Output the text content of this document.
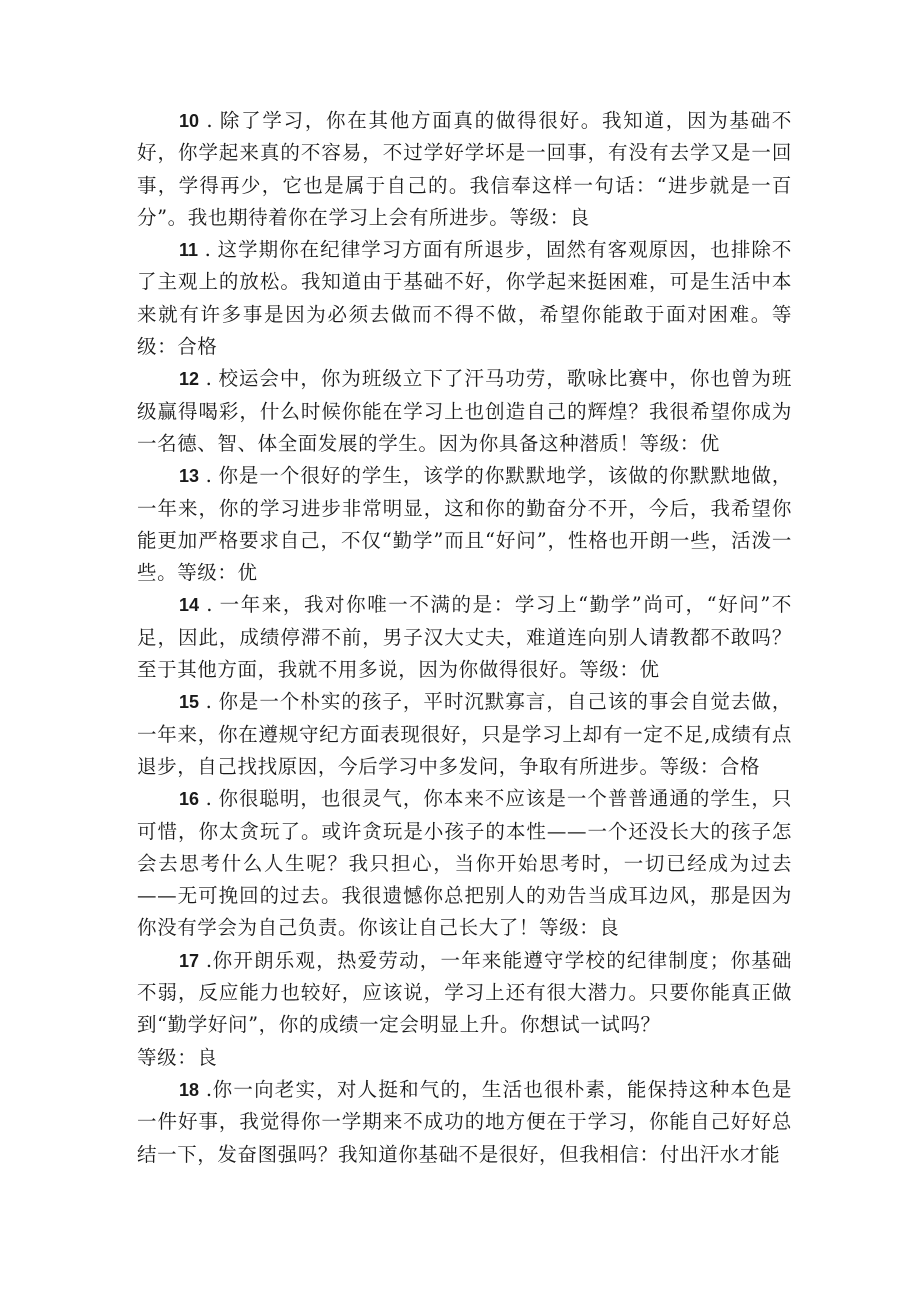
10 . 除了学习，你在其他方面真的做得很好。我知道，因为基础不好，你学起来真的不容易，不过学好学坏是一回事，有没有去学又是一回事，学得再少，它也是属于自己的。我信奉这样一句话：“进步就是一百分”。我也期待着你在学习上会有所进步。等级：良

11 . 这学期你在纪律学习方面有所退步，固然有客观原因，也排除不了主观上的放松。我知道由于基础不好，你学起来挺困难，可是生活中本来就有许多事是因为必须去做而不得不做，希望你能敢于面对困难。等级：合格

12 . 校运会中，你为班级立下了汗马功劳，歌咏比赛中，你也曾为班级赢得喝彩，什么时候你能在学习上也创造自己的辉煌？我很希望你成为一名德、智、体全面发展的学生。因为你具备这种潜质！等级：优

13 . 你是一个很好的学生，该学的你默默地学，该做的你默默地做，一年来，你的学习进步非常明显，这和你的勤奋分不开，今后，我希望你能更加严格要求自己，不仅“勤学”而且“好问”，性格也开朗一些，活泼一些。等级：优

14 . 一年来，我对你唯一不满的是：学习上“勤学”尚可，“好问”不足，因此，成绩停滞不前，男子汉大丈夫，难道连向别人请教都不敢吗？至于其他方面，我就不用多说，因为你做得很好。等级：优

15 . 你是一个朴实的孩子，平时沉默寡言，自己该的事会自觉去做，一年来，你在遵规守纪方面表现很好，只是学习上却有一定不足,成绩有点退步，自己找找原因，今后学习中多发问，争取有所进步。等级：合格

16 . 你很聪明，也很灵气，你本来不应该是一个普普通通的学生，只可惜，你太贪玩了。或许贪玩是小孩子的本性——一个还没长大的孩子怎会去思考什么人生呢？我只担心，当你开始思考时，一切已经成为过去——无可挽回的过去。我很遗憾你总把别人的劝告当成耳边风，那是因为你没有学会为自己负责。你该让自己长大了！等级：良

17 .你开朗乐观，热爱劳动，一年来能遵守学校的纪律制度；你基础不弱，反应能力也较好，应该说，学习上还有很大潜力。只要你能真正做到“勤学好问”，你的成绩一定会明显上升。你想试一试吗？
等级：良

18 .你一向老实，对人挺和气的，生活也很朴素，能保持这种本色是一件好事，我觉得你一学期来不成功的地方便在于学习，你能自己好好总结一下，发奋图强吗？我知道你基础不是很好，但我相信：付出汗水才能
